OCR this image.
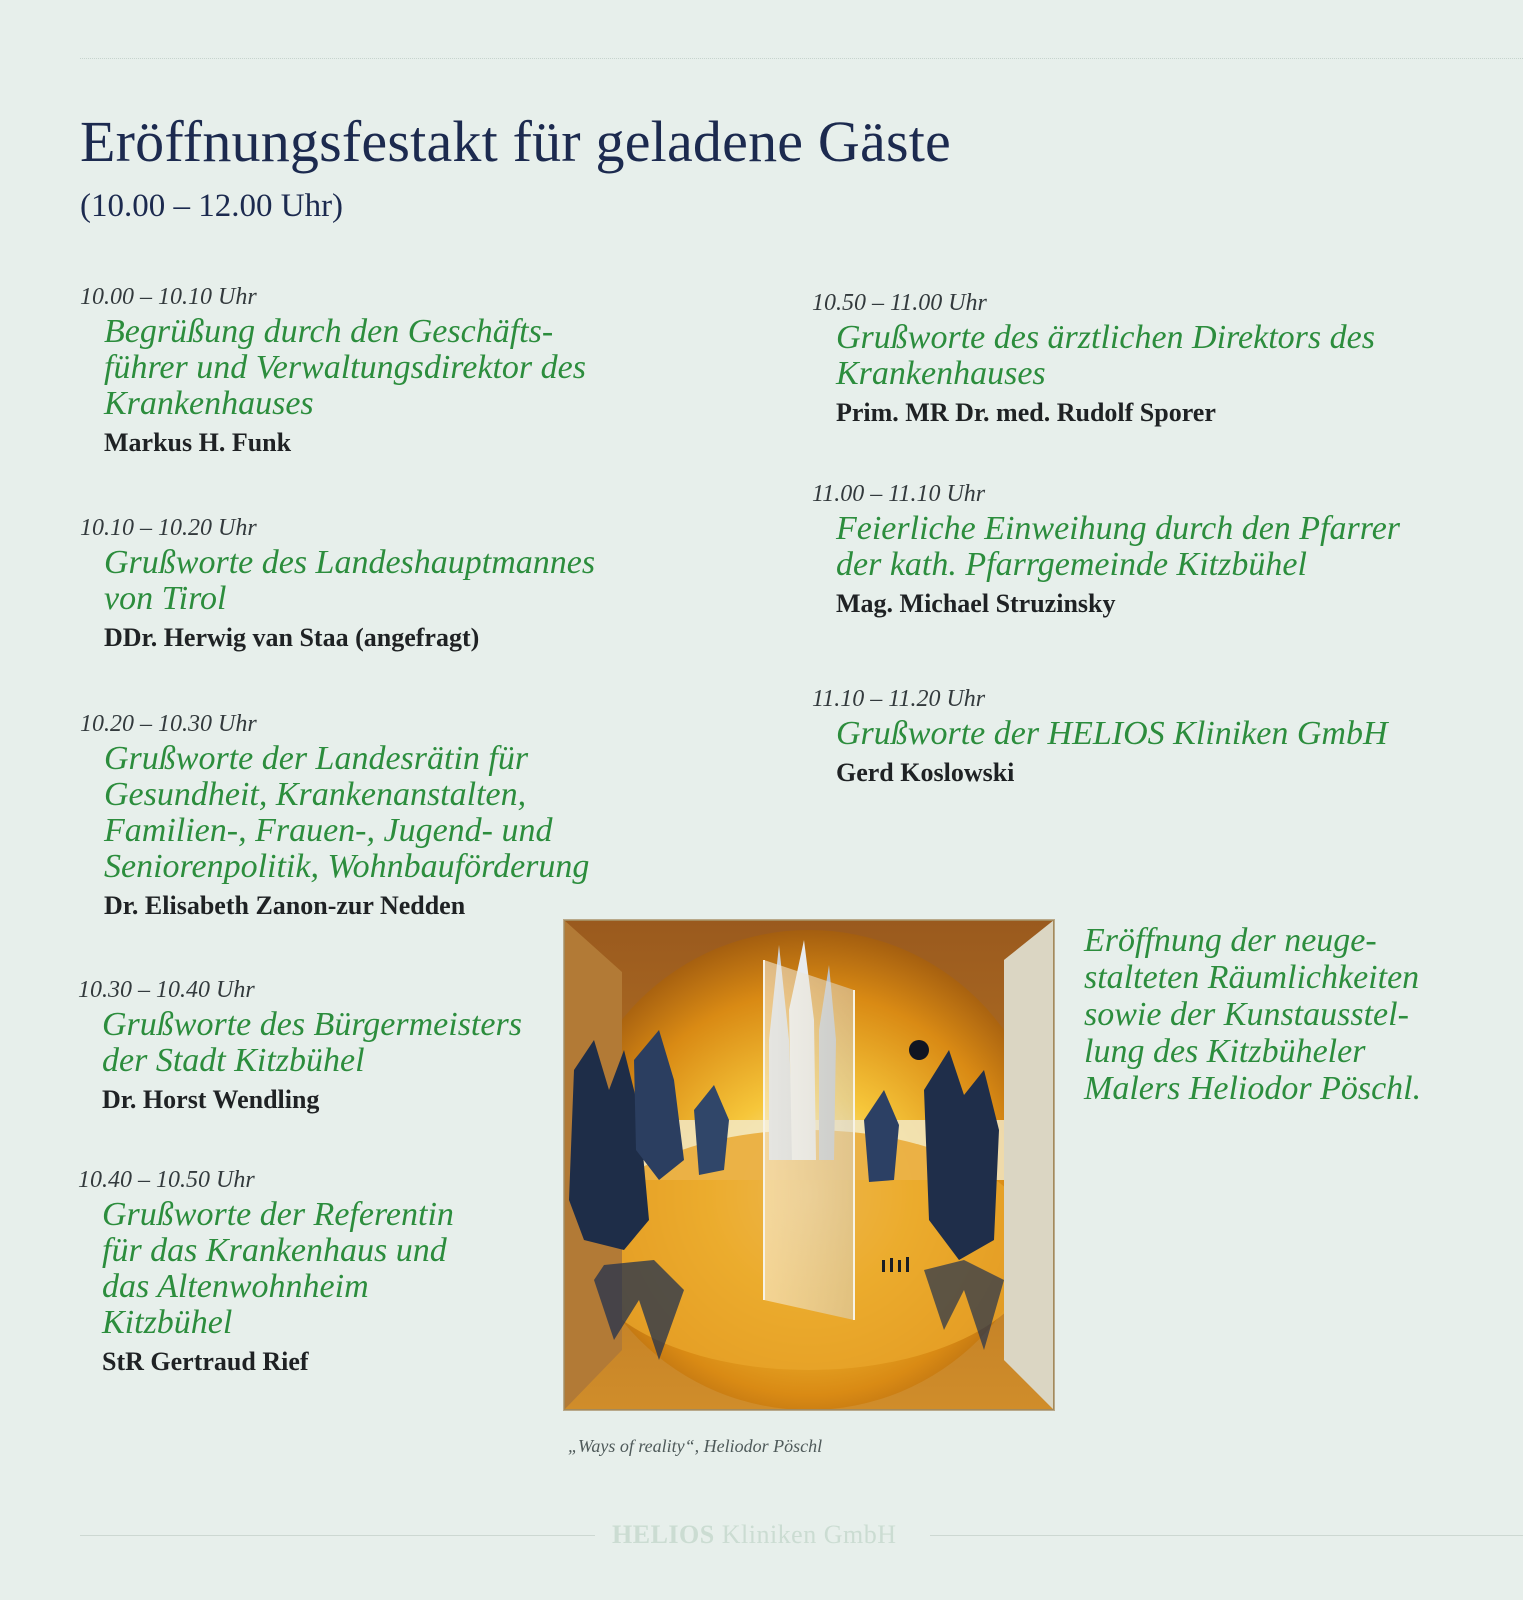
Eröffnungsfestakt für geladene Gäste
(10.00 – 12.00 Uhr)
10.00 – 10.10 Uhr
Begrüßung durch den Geschäfts-
führer und Verwaltungsdirektor des
Krankenhauses
Markus H. Funk
10.10 – 10.20 Uhr
Grußworte des Landeshauptmannes
von Tirol
DDr. Herwig van Staa (angefragt)
10.20 – 10.30 Uhr
Grußworte der Landesrätin für
Gesundheit, Krankenanstalten,
Familien-, Frauen-, Jugend- und
Seniorenpolitik, Wohnbauförderung
Dr. Elisabeth Zanon-zur Nedden
10.30 – 10.40 Uhr
Grußworte des Bürgermeisters
der Stadt Kitzbühel
Dr. Horst Wendling
10.40 – 10.50 Uhr
Grußworte der Referentin
für das Krankenhaus und
das Altenwohnheim
Kitzbühel
StR Gertraud Rief
10.50 – 11.00 Uhr
Grußworte des ärztlichen Direktors des
Krankenhauses
Prim. MR Dr. med. Rudolf Sporer
11.00 – 11.10 Uhr
Feierliche Einweihung durch den Pfarrer
der kath. Pfarrgemeinde Kitzbühel
Mag. Michael Struzinsky
11.10 – 11.20 Uhr
Grußworte der HELIOS Kliniken GmbH
Gerd Koslowski
Eröffnung der neuge-
stalteten Räumlichkeiten
sowie der Kunstausstel-
lung des Kitzbüheler
Malers Heliodor Pöschl.
„Ways of reality“, Heliodor Pöschl
HELIOS Kliniken GmbH
